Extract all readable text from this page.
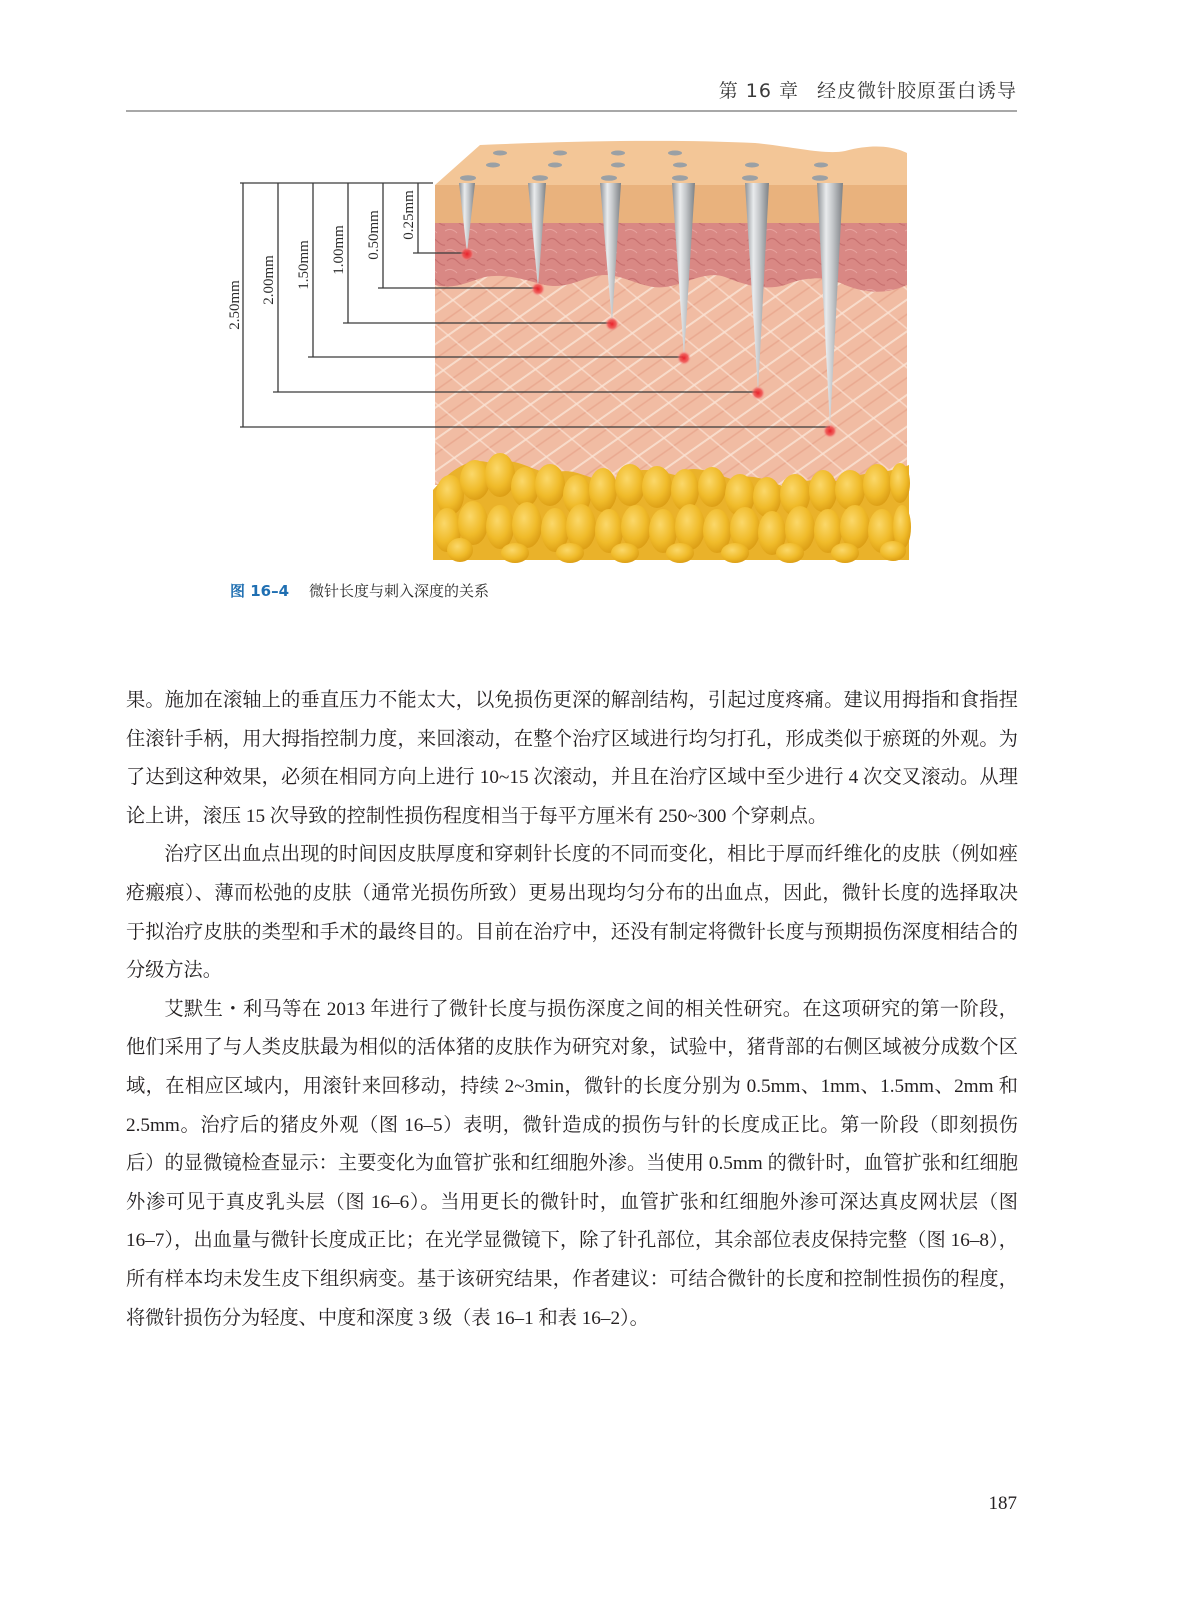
第 16 章 经皮微针胶原蛋白诱导
2.50mm
2.00mm 1.50mm 1.00mm 0.50mm 0.25mm
图 16–4 微针长度与刺入深度的关系

果。施加在滚轴上的垂直压力不能太大，以免损伤更深的解剖结构，引起过度疼痛。建议用拇指和食指捏住滚针手柄，用大拇指控制力度，来回滚动，在整个治疗区域进行均匀打孔，形成类似于瘀斑的外观。为了达到这种效果，必须在相同方向上进行 10~15 次滚动，并且在治疗区域中至少进行 4 次交叉滚动。从理论上讲，滚压 15 次导致的控制性损伤程度相当于每平方厘米有 250~300 个穿刺点。

治疗区出血点出现的时间因皮肤厚度和穿刺针长度的不同而变化，相比于厚而纤维化的皮肤（例如痤疮瘢痕）、薄而松弛的皮肤（通常光损伤所致）更易出现均匀分布的出血点，因此，微针长度的选择取决于拟治疗皮肤的类型和手术的最终目的。目前在治疗中，还没有制定将微针长度与预期损伤深度相结合的分级方法。

艾默生・利马等在 2013 年进行了微针长度与损伤深度之间的相关性研究。在这项研究的第一阶段，他们采用了与人类皮肤最为相似的活体猪的皮肤作为研究对象，试验中，猪背部的右侧区域被分成数个区域，在相应区域内，用滚针来回移动，持续 2~3min，微针的长度分别为 0.5mm、1mm、1.5mm、2mm 和 2.5mm。治疗后的猪皮外观（图 16–5）表明，微针造成的损伤与针的长度成正比。第一阶段（即刻损伤后）的显微镜检查显示：主要变化为血管扩张和红细胞外渗。当使用 0.5mm 的微针时，血管扩张和红细胞外渗可见于真皮乳头层（图 16–6）。当用更长的微针时，血管扩张和红细胞外渗可深达真皮网状层（图 16–7），出血量与微针长度成正比；在光学显微镜下，除了针孔部位，其余部位表皮保持完整（图 16–8），所有样本均未发生皮下组织病变。基于该研究结果，作者建议：可结合微针的长度和控制性损伤的程度，将微针损伤分为轻度、中度和深度 3 级（表 16–1 和表 16–2）。

187
